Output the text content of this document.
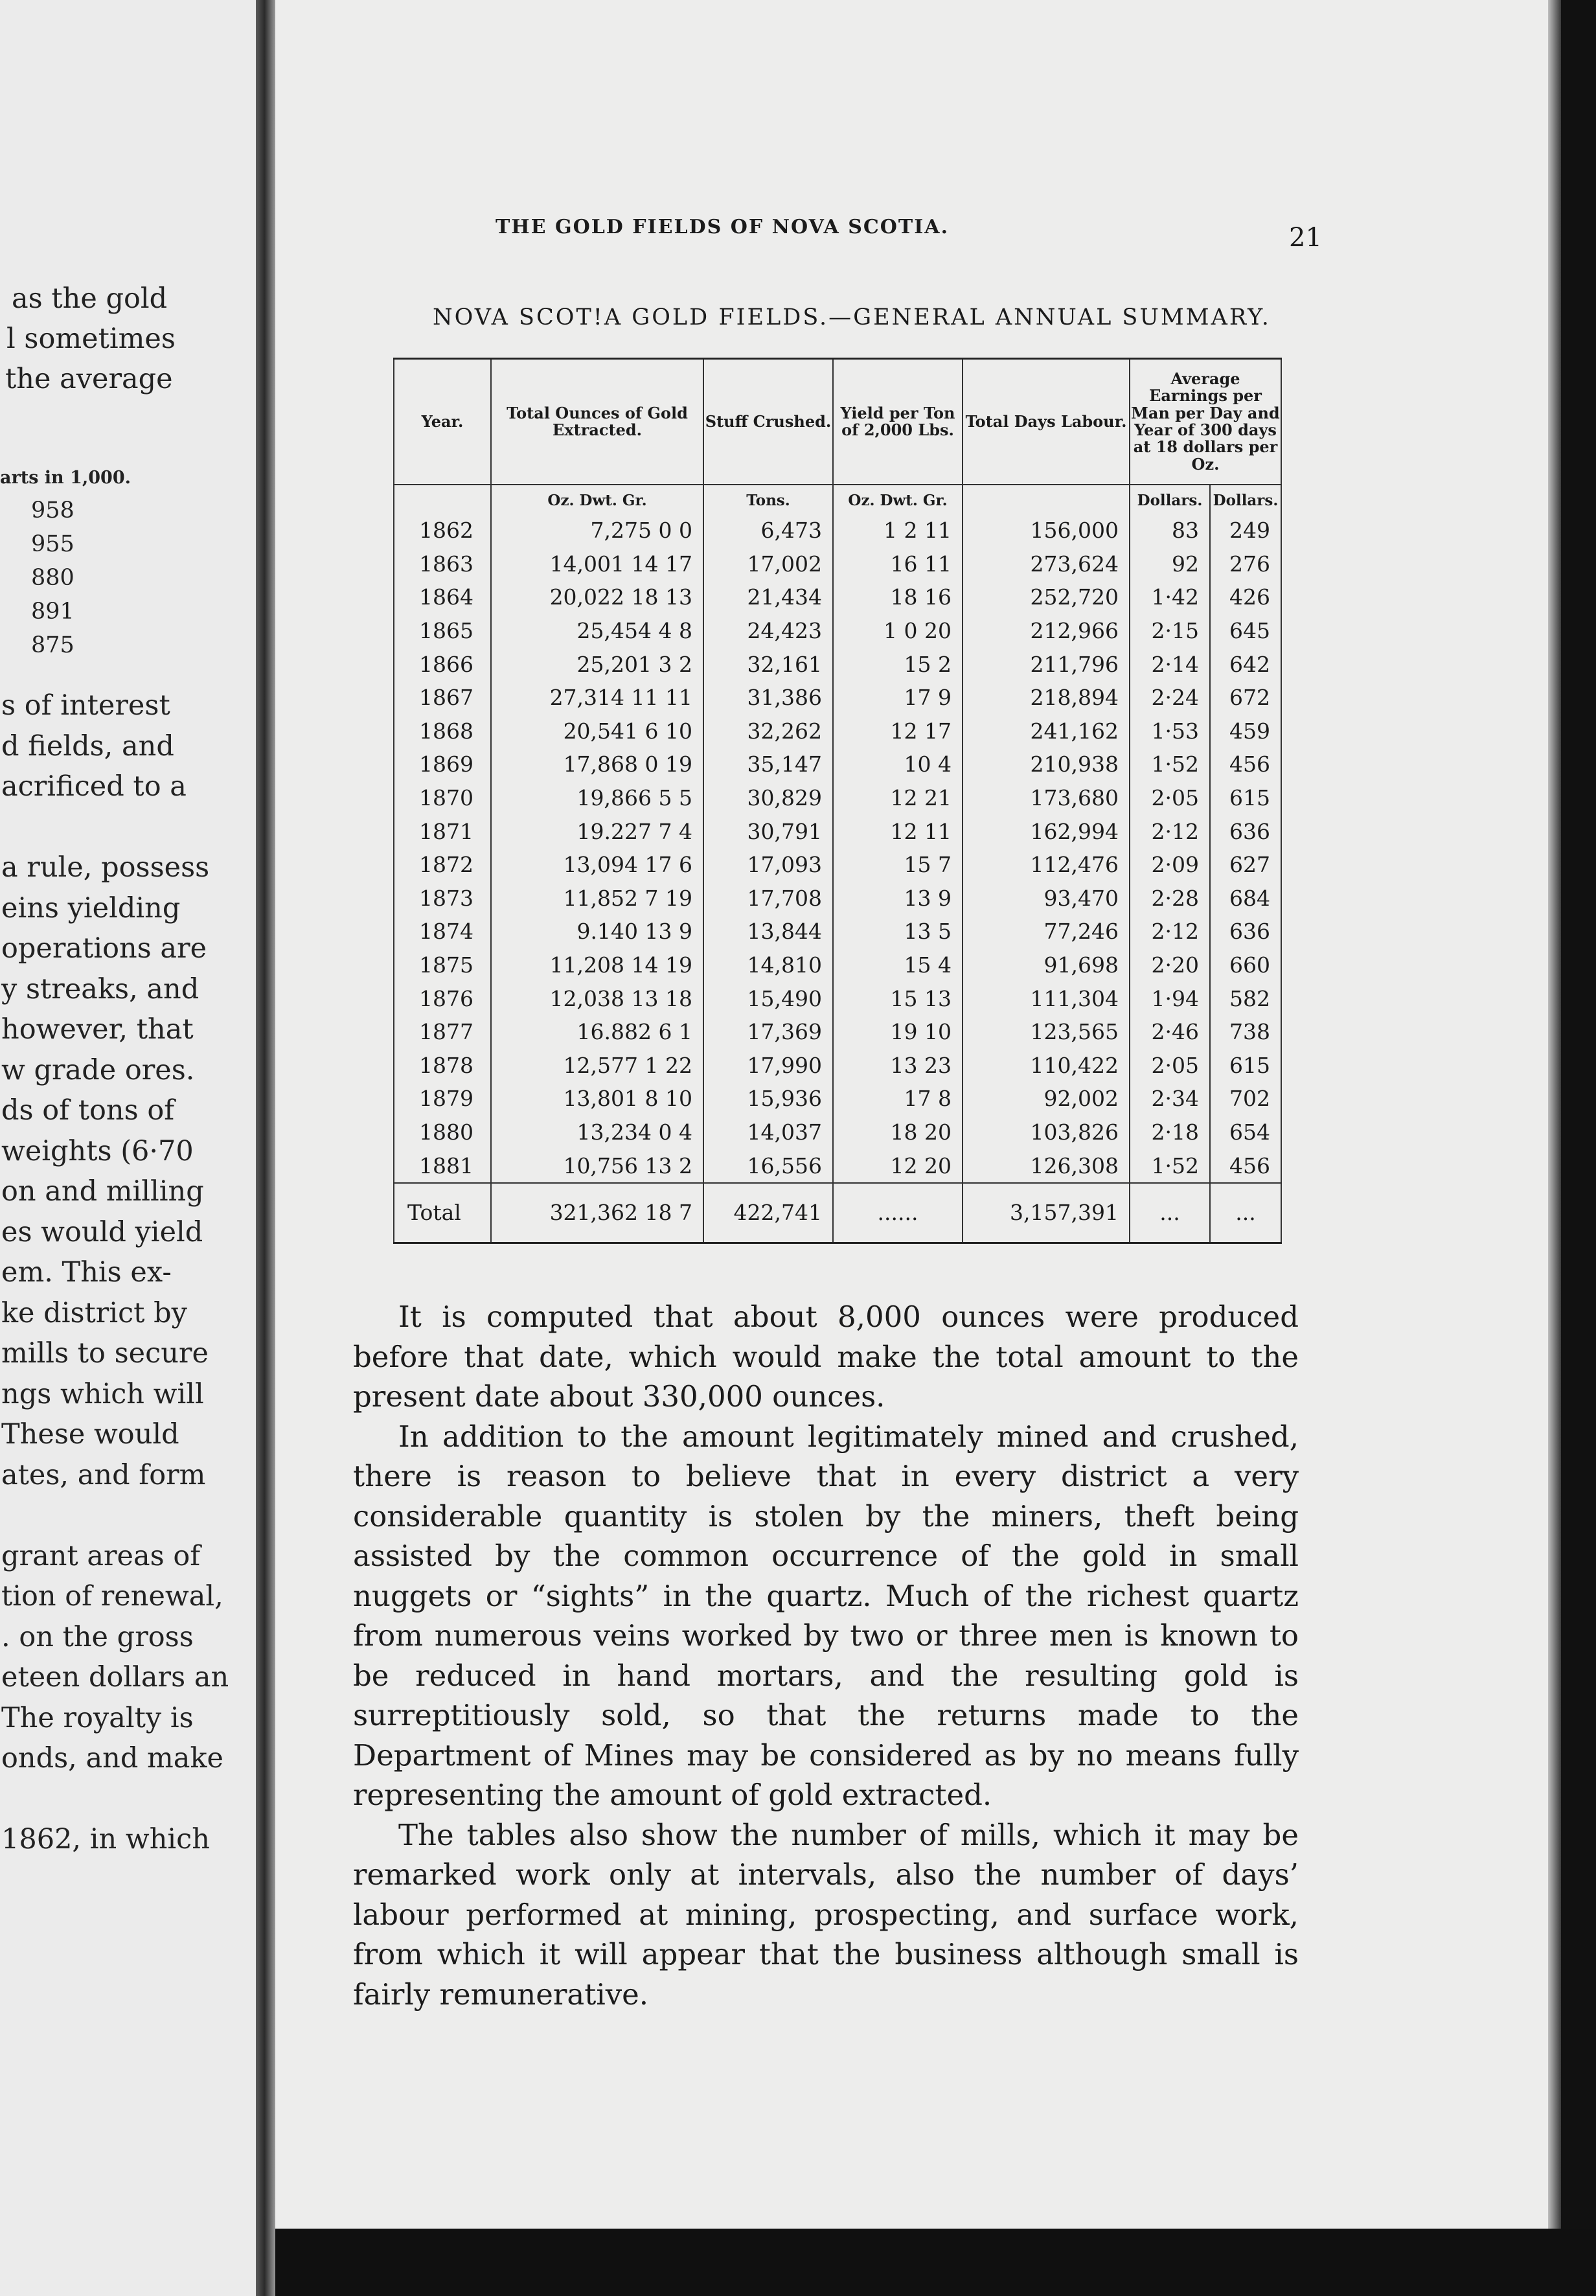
as the gold
l sometimes
the average
arts in 1,000.
958
955
880
891
875
s of interest
d fields, and
acrificed to a
a rule, possess
eins yielding
operations are
y streaks, and
however, that
w grade ores.
ds of tons of
weights (6·70
on and milling
es would yield
em. This ex-
ke district by
mills to secure
ngs which will
These would
ates, and form
grant areas of
tion of renewal,
. on the gross
eteen dollars an
The royalty is
onds, and make
1862, in which
THE GOLD FIELDS OF NOVA SCOTIA.	21
NOVA SCOT!A GOLD FIELDS.—GENERAL ANNUAL SUMMARY.
Year.	Total Ounces of Gold Extracted.	Stuff Crushed.	Yield per Ton of 2,000 Lbs.	Total Days Labour.	Average Earnings per Man per Day and Year of 300 days at 18 dollars per Oz.	
	Oz. Dwt. Gr.	Tons.	Oz. Dwt. Gr.		Dollars.	Dollars.

1862	7,275 0 0	6,473	1 2 11	156,000	83	249
1863	14,001 14 17	17,002	16 11	273,624	92	276
1864	20,022 18 13	21,434	18 16	252,720	1·42	426
1865	25,454 4 8	24,423	1 0 20	212,966	2·15	645
1866	25,201 3 2	32,161	15 2	211,796	2·14	642
1867	27,314 11 11	31,386	17 9	218,894	2·24	672
1868	20,541 6 10	32,262	12 17	241,162	1·53	459
1869	17,868 0 19	35,147	10 4	210,938	1·52	456
1870	19,866 5 5	30,829	12 21	173,680	2·05	615
1871	19.227 7 4	30,791	12 11	162,994	2·12	636
1872	13,094 17 6	17,093	15 7	112,476	2·09	627
1873	11,852 7 19	17,708	13 9	93,470	2·28	684
1874	9.140 13 9	13,844	13 5	77,246	2·12	636
1875	11,208 14 19	14,810	15 4	91,698	2·20	660
1876	12,038 13 18	15,490	15 13	111,304	1·94	582
1877	16.882 6 1	17,369	19 10	123,565	2·46	738
1878	12,577 1 22	17,990	13 23	110,422	2·05	615
1879	13,801 8 10	15,936	17 8	92,002	2·34	702
1880	13,234 0 4	14,037	18 20	103,826	2·18	654
1881	10,756 13 2	16,556	12 20	126,308	1·52	456
Total	321,362 18 7	422,741	......	3,157,391	...	...

It is computed that about 8,000 ounces were produced before that date, which would make the total amount to the present date about 330,000 ounces.

In addition to the amount legitimately mined and crushed, there is reason to believe that in every district a very considerable quantity is stolen by the miners, theft being assisted by the common occurrence of the gold in small nuggets or “sights” in the quartz. Much of the richest quartz from numerous veins worked by two or three men is known to be reduced in hand mortars, and the resulting gold is surreptitiously sold, so that the returns made to the Department of Mines may be considered as by no means fully representing the amount of gold extracted.

The tables also show the number of mills, which it may be remarked work only at intervals, also the number of days’ labour performed at mining, prospecting, and surface work, from which it will appear that the business although small is fairly remunerative.
